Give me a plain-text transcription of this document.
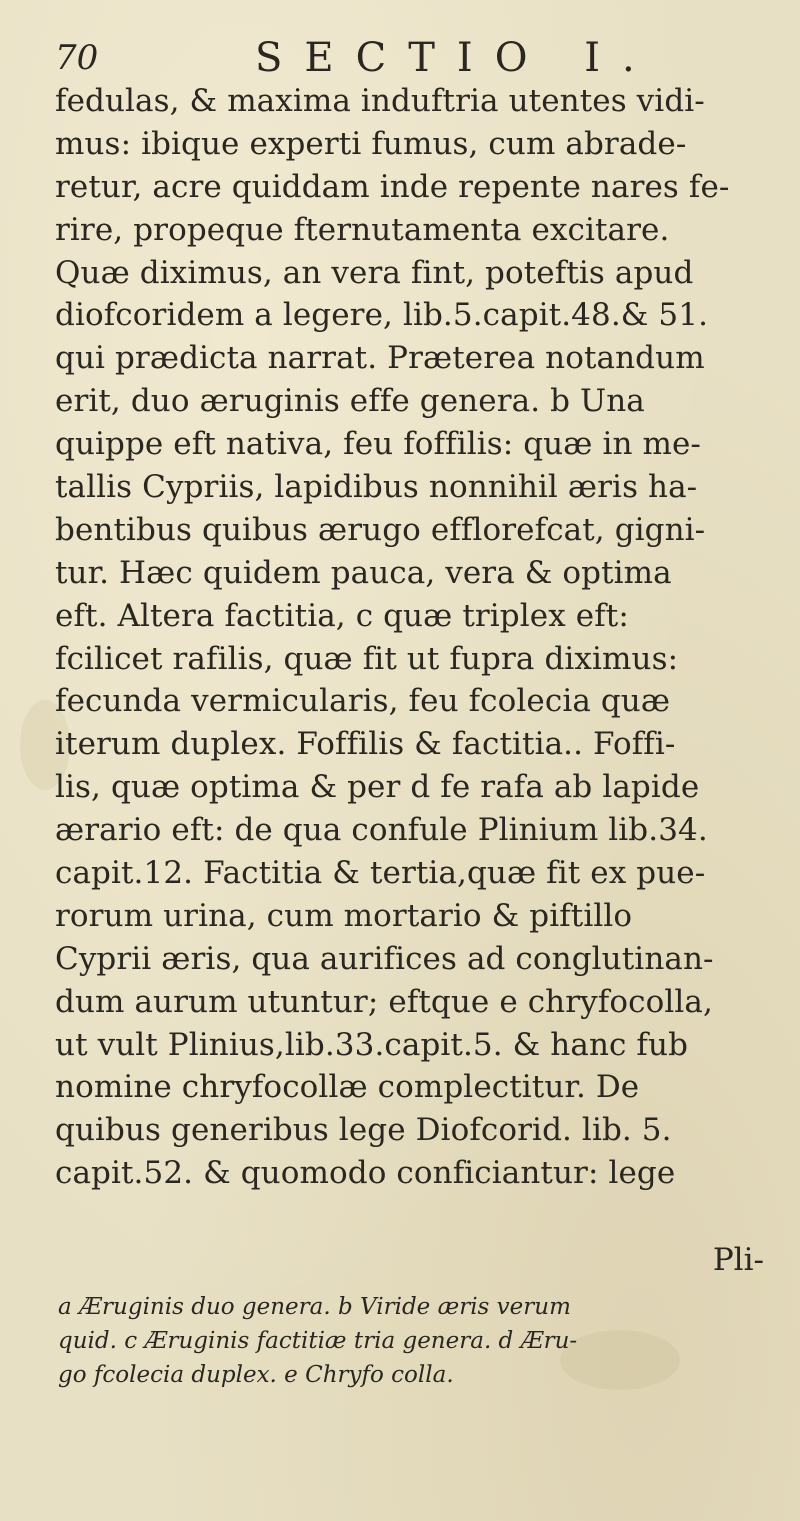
70	SECTIO I.
fedulas, & maxima induftria utentes vidi-
mus: ibique experti fumus, cum abrade-
retur, acre quiddam inde repente nares fe-
rire, propeque fternutamenta excitare.
Quæ diximus, an vera fint, poteftis apud
diofcoridem a legere, lib.5.capit.48.& 51.
qui prædicta narrat. Præterea notandum
erit, duo æruginis effe genera. b Una
quippe eft nativa, feu foffilis: quæ in me-
tallis Cypriis, lapidibus nonnihil æris ha-
bentibus quibus ærugo efflorefcat, gigni-
tur. Hæc quidem pauca, vera & optima
eft. Altera factitia, c quæ triplex eft:
fcilicet rafilis, quæ fit ut fupra diximus:
fecunda vermicularis, feu fcolecia quæ
iterum duplex. Foffilis & factitia.. Foffi-
lis, quæ optima & per d fe rafa ab lapide
ærario eft: de qua confule Plinium lib.34.
capit.12. Factitia & tertia,quæ fit ex pue-
rorum urina, cum mortario & piftillo
Cyprii æris, qua aurifices ad conglutinan-
dum aurum utuntur; eftque e chryfocolla,
ut vult Plinius,lib.33.capit.5. & hanc fub
nomine chryfocollæ complectitur. De
quibus generibus lege Diofcorid. lib. 5.
capit.52. & quomodo conficiantur: lege
Pli-
a Æruginis duo genera. b Viride æris verum
quid. c Æruginis factitiæ tria genera. d Æru-
go fcolecia duplex. e Chryfo colla.
